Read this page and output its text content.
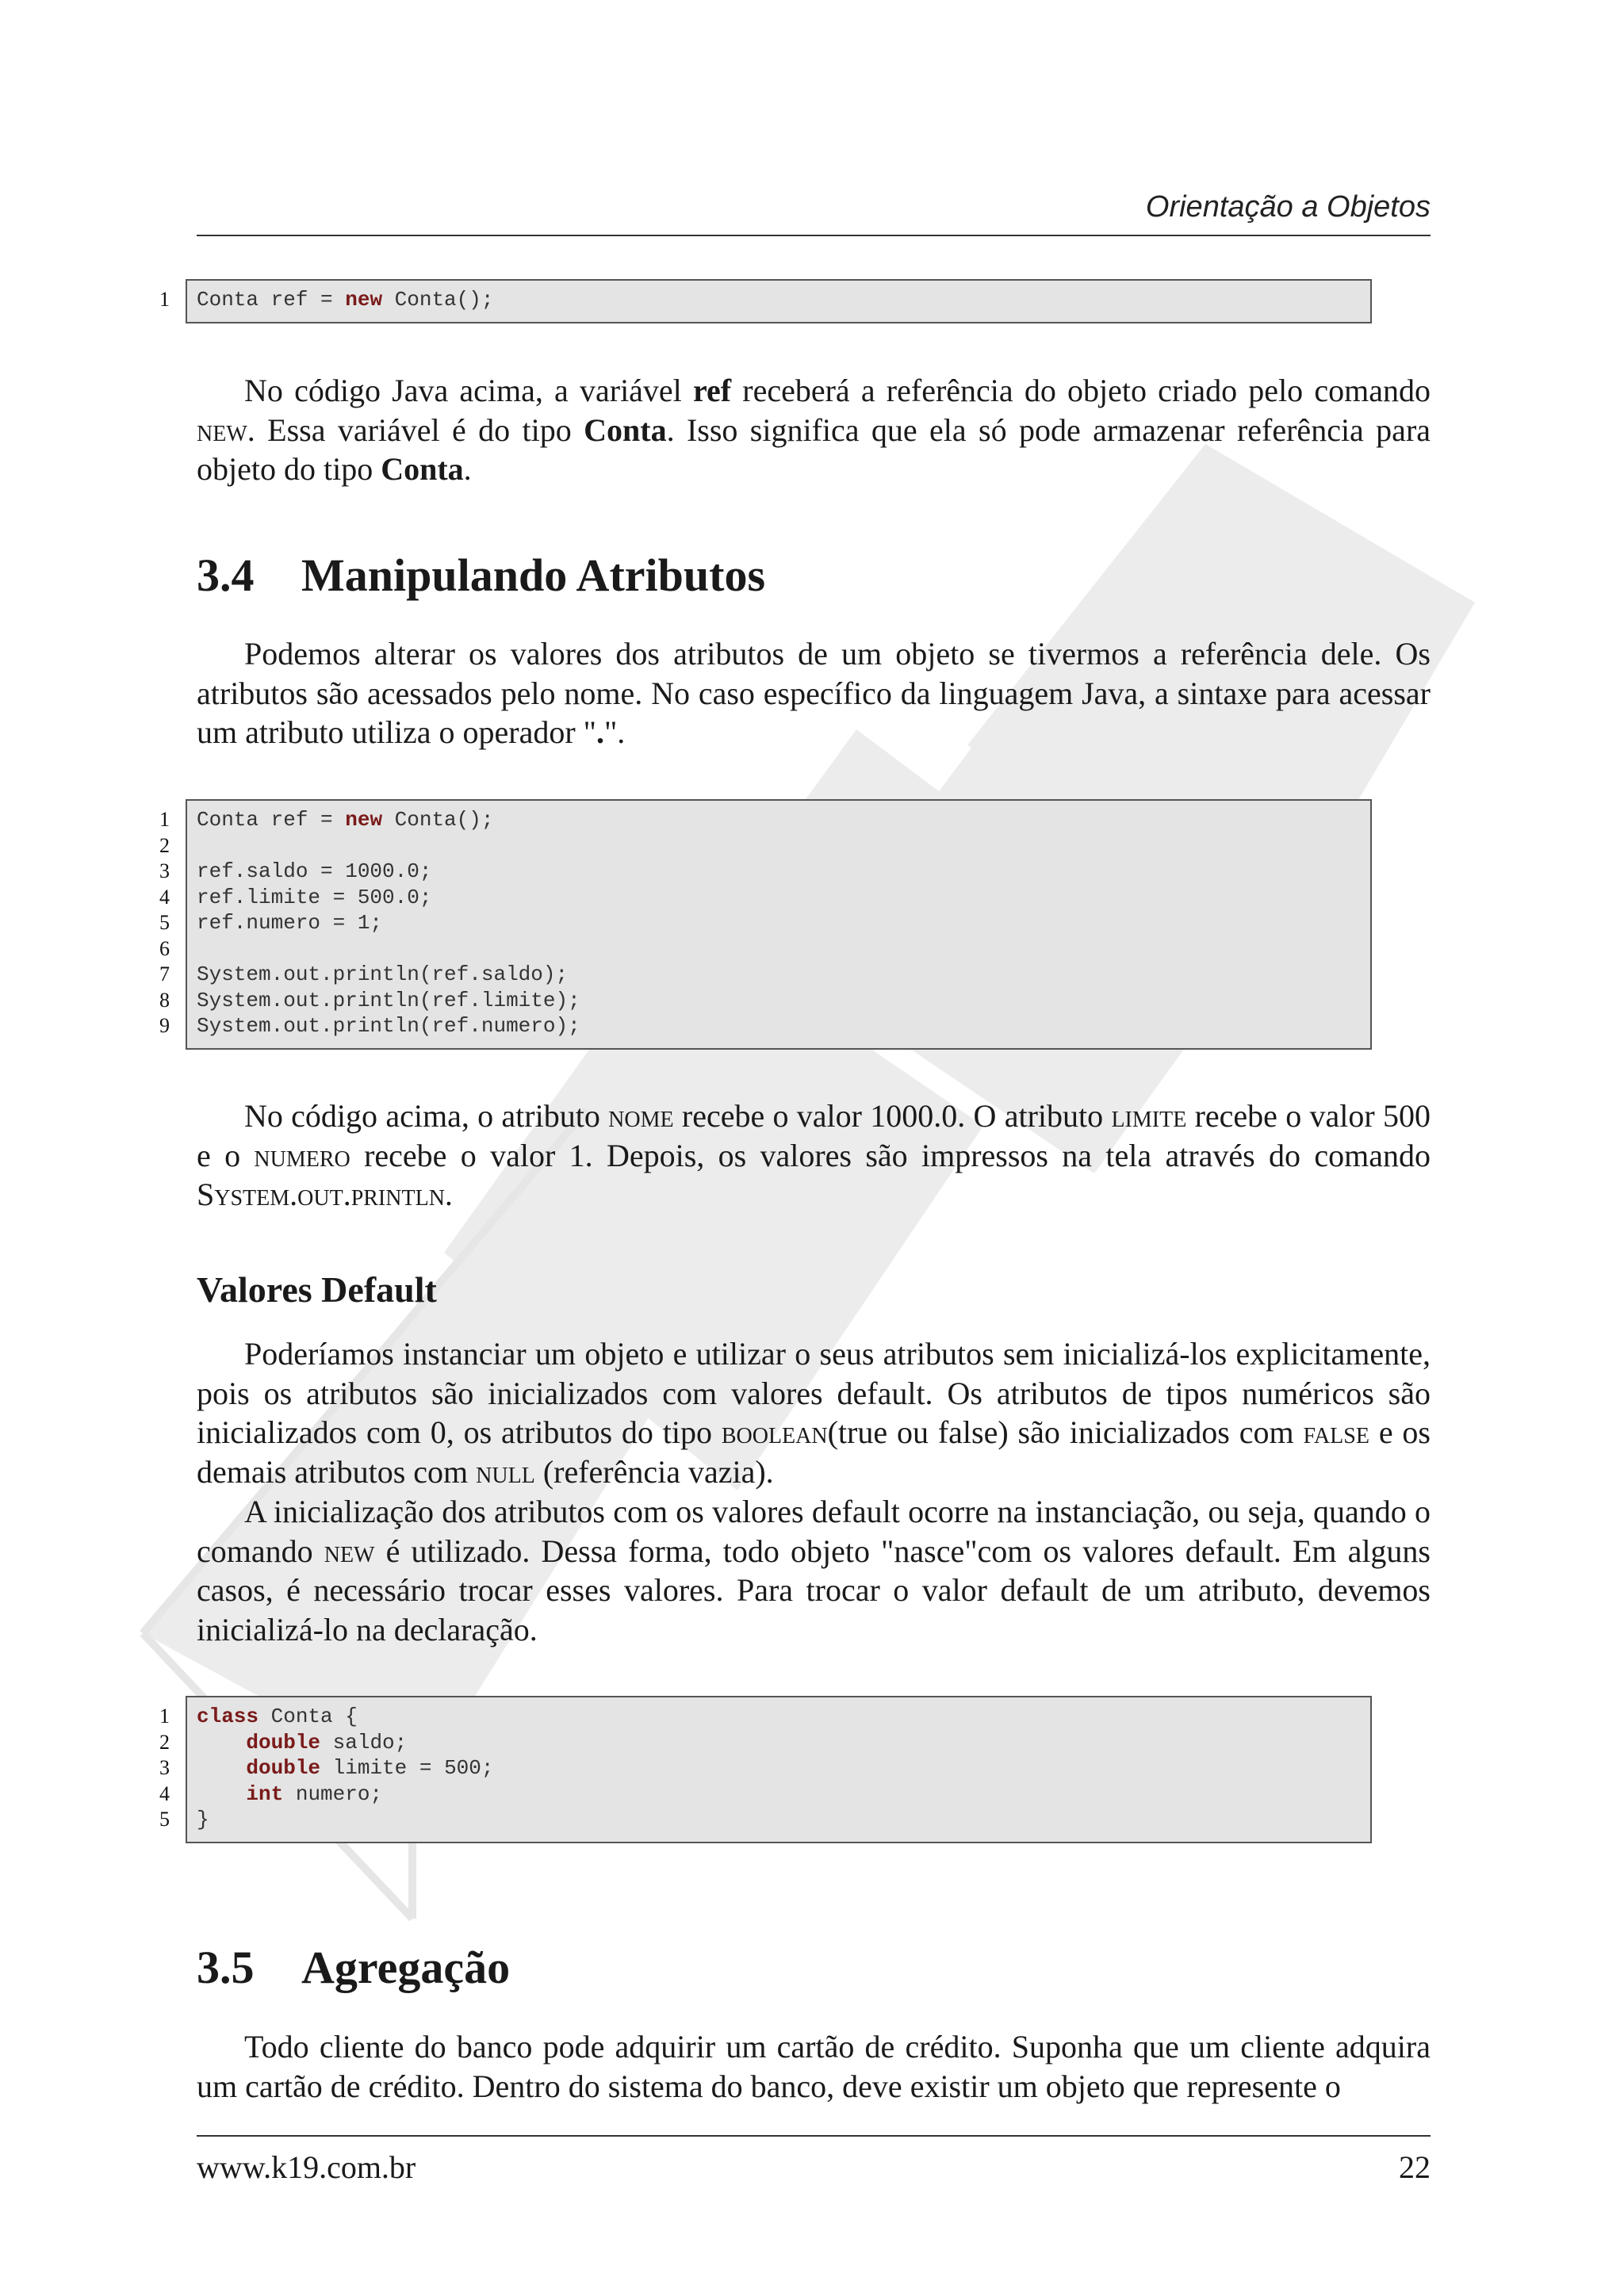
Orientação a Objetos
1 Conta ref = new Conta();

No código Java acima, a variável ref receberá a referência do objeto criado pelo comando new. Essa variável é do tipo Conta. Isso significa que ela só pode armazenar referência para objeto do tipo Conta.

3.4 Manipulando Atributos

Podemos alterar os valores dos atributos de um objeto se tivermos a referência dele. Os atributos são acessados pelo nome. No caso específico da linguagem Java, a sintaxe para acessar um atributo utiliza o operador ".".

1 Conta ref = new Conta();
2
3 ref.saldo = 1000.0;
4 ref.limite = 500.0;
5 ref.numero = 1;
6
7 System.out.println(ref.saldo);
8 System.out.println(ref.limite);
9 System.out.println(ref.numero);

No código acima, o atributo nome recebe o valor 1000.0. O atributo limite recebe o valor 500 e o numero recebe o valor 1. Depois, os valores são impressos na tela através do comando System.out.println.

Valores Default

Poderíamos instanciar um objeto e utilizar o seus atributos sem inicializá-los explicitamente, pois os atributos são inicializados com valores default. Os atributos de tipos numéricos são inicializados com 0, os atributos do tipo boolean(true ou false) são inicializados com false e os demais atributos com null (referência vazia).

A inicialização dos atributos com os valores default ocorre na instanciação, ou seja, quando o comando new é utilizado. Dessa forma, todo objeto "nasce"com os valores default. Em alguns casos, é necessário trocar esses valores. Para trocar o valor default de um atributo, devemos inicializá-lo na declaração.

1 class Conta {
2	double saldo;
3	double limite = 500;
4	int numero;
5 }
3.5 Agregação

Todo cliente do banco pode adquirir um cartão de crédito. Suponha que um cliente adquira um cartão de crédito. Dentro do sistema do banco, deve existir um objeto que represente o

www.k19.com.br	22
